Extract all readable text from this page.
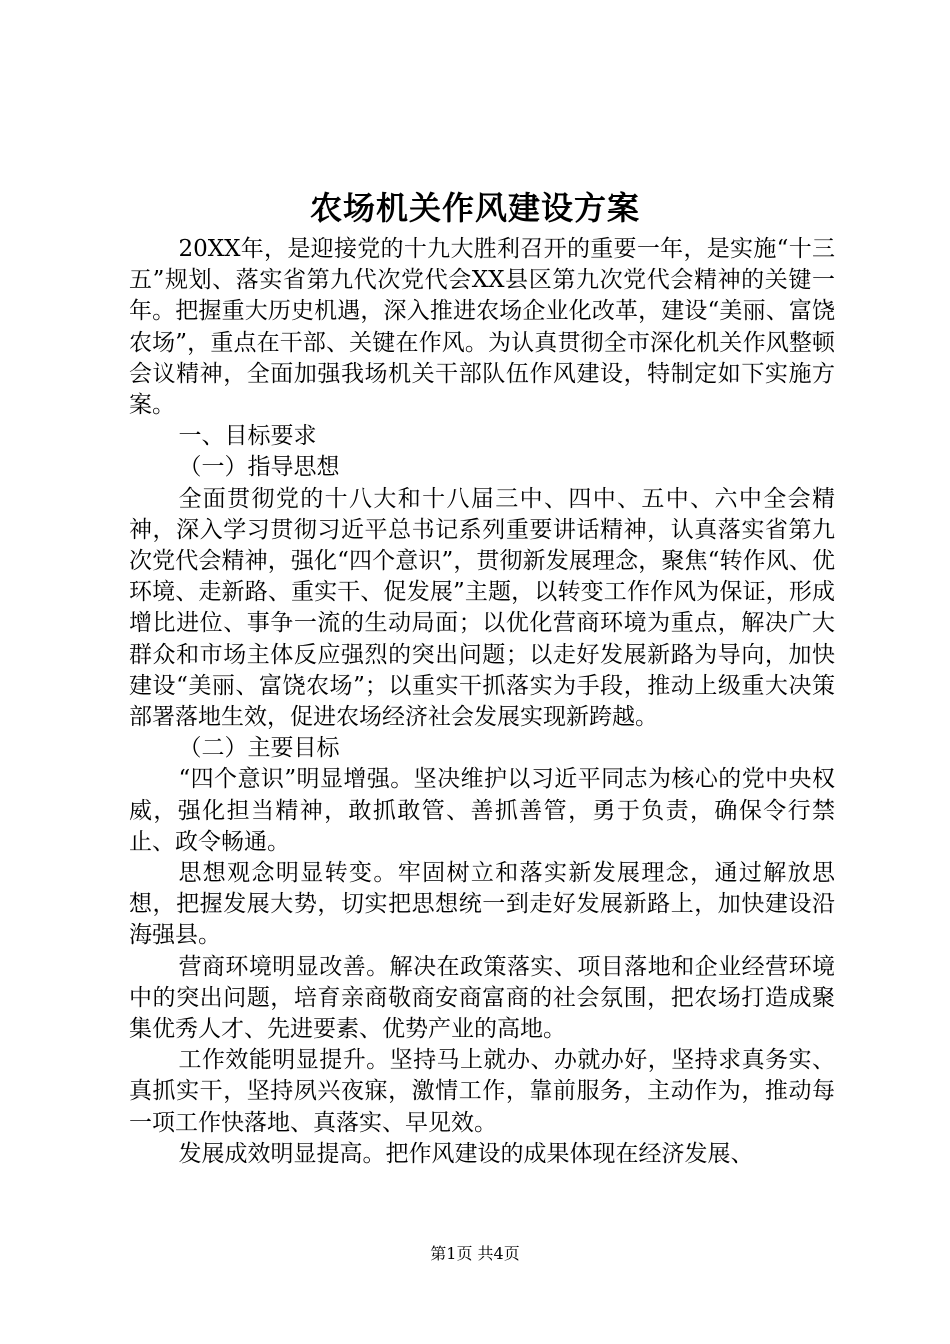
农场机关作风建设方案

20XX年，是迎接党的十九大胜利召开的重要一年，是实施“十三五”规划、落实省第九代次党代会XX县区第九次党代会精神的关键一年。把握重大历史机遇，深入推进农场企业化改革，建设“美丽、富饶农场”，重点在干部、关键在作风。为认真贯彻全市深化机关作风整顿会议精神，全面加强我场机关干部队伍作风建设，特制定如下实施方案。

一、目标要求

（一）指导思想

全面贯彻党的十八大和十八届三中、四中、五中、六中全会精神，深入学习贯彻习近平总书记系列重要讲话精神，认真落实省第九次党代会精神，强化“四个意识”，贯彻新发展理念，聚焦“转作风、优环境、走新路、重实干、促发展”主题，以转变工作作风为保证，形成增比进位、事争一流的生动局面；以优化营商环境为重点，解决广大群众和市场主体反应强烈的突出问题；以走好发展新路为导向，加快建设“美丽、富饶农场”；以重实干抓落实为手段，推动上级重大决策部署落地生效，促进农场经济社会发展实现新跨越。

（二）主要目标

“四个意识”明显增强。坚决维护以习近平同志为核心的党中央权威，强化担当精神，敢抓敢管、善抓善管，勇于负责，确保令行禁止、政令畅通。

思想观念明显转变。牢固树立和落实新发展理念，通过解放思想，把握发展大势，切实把思想统一到走好发展新路上，加快建设沿海强县。

营商环境明显改善。解决在政策落实、项目落地和企业经营环境中的突出问题，培育亲商敬商安商富商的社会氛围，把农场打造成聚集优秀人才、先进要素、优势产业的高地。

工作效能明显提升。坚持马上就办、办就办好，坚持求真务实、真抓实干，坚持夙兴夜寐，激情工作，靠前服务，主动作为，推动每一项工作快落地、真落实、早见效。

发展成效明显提高。把作风建设的成果体现在经济发展、

第1页 共4页
